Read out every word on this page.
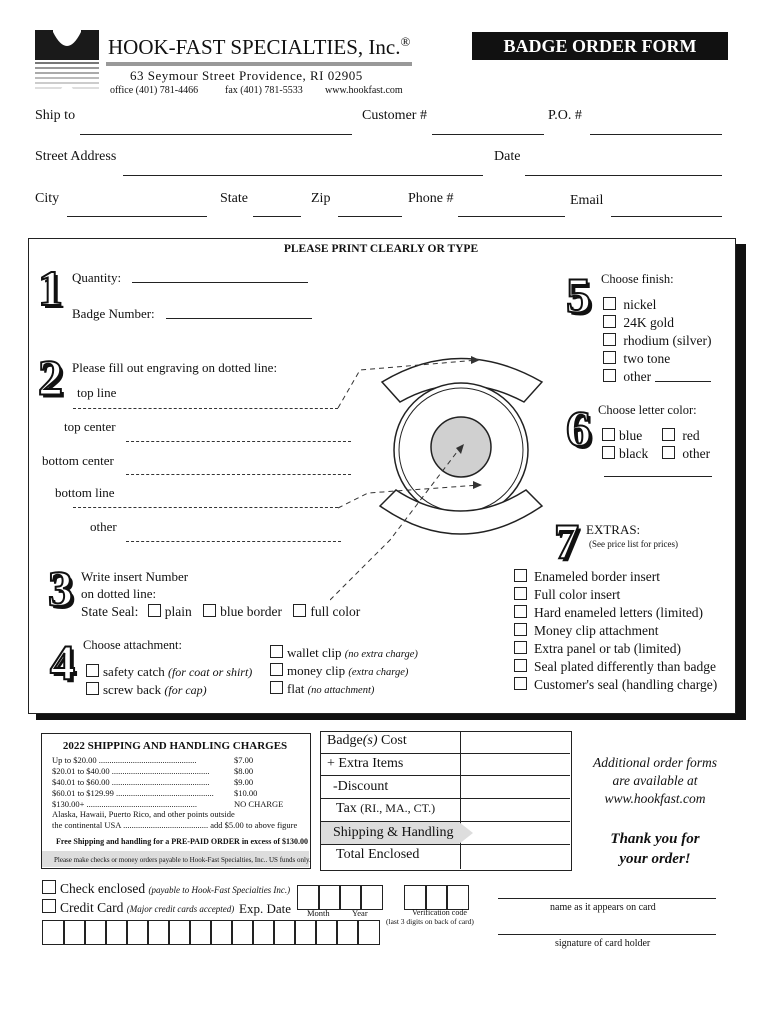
HOOK-FAST SPECIALTIES, Inc.®
63 Seymour Street Providence, RI 02905
office (401) 781-4466	fax (401) 781-5533 www.hookfast.com
BADGE ORDER FORM
Ship to	Customer #	P.O. #
Street Address	Date
City	State	Zip	Phone #	Email
PLEASE PRINT CLEARLY OR TYPE
1 Quantity:
Badge Number:
2 Please fill out engraving on dotted line:
top line
top center
bottom center
bottom line
other
3 Write insert Number
on dotted line:
State Seal: plain blue border full color
4 Choose attachment:
safety catch (for coat or shirt)
screw back (for cap)
wallet clip (no extra charge)
money clip (extra charge)
flat (no attachment)
5 Choose finish:
nickel
24K gold
rhodium (silver)
two tone
other
6 Choose letter color:
blue	red
black	other
7 EXTRAS:
(See price list for prices)
Enameled border insert
Full color insert
Hard enameled letters (limited)
Money clip attachment
Extra panel or tab (limited)
Seal plated differently than badge
Customer's seal (handling charge)
2022 SHIPPING AND HANDLING CHARGES
Up to $20.00 ..............................................	$7.00
$20.01 to $40.00 ..............................................	$8.00
$40.01 to $60.00 ..............................................	$9.00
$60.01 to $129.99 .............................................. $10.00
$130.00+ ....................................................	NO CHARGE
Alaska, Hawaii, Puerto Rico, and other points outside
the continental USA ........................................ add $5.00 to above figure
Free Shipping and handling for a PRE-PAID ORDER in excess of $130.00
Please make checks or money orders payable to Hook-Fast Specialties, Inc.. US funds only.
Badge(s) Cost
+ Extra Items
-Discount
Tax (RI., MA., CT.)
Shipping & Handling
Total Enclosed
Additional order forms
are available at
www.hookfast.com
Thank you for
your order!
Check enclosed (payable to Hook-Fast Specialties Inc.)
Credit Card (Major credit cards accepted) Exp. Date Month	Year	Verification code
(last 3 digits on back of card)
name as it appears on card
signature of card holder
